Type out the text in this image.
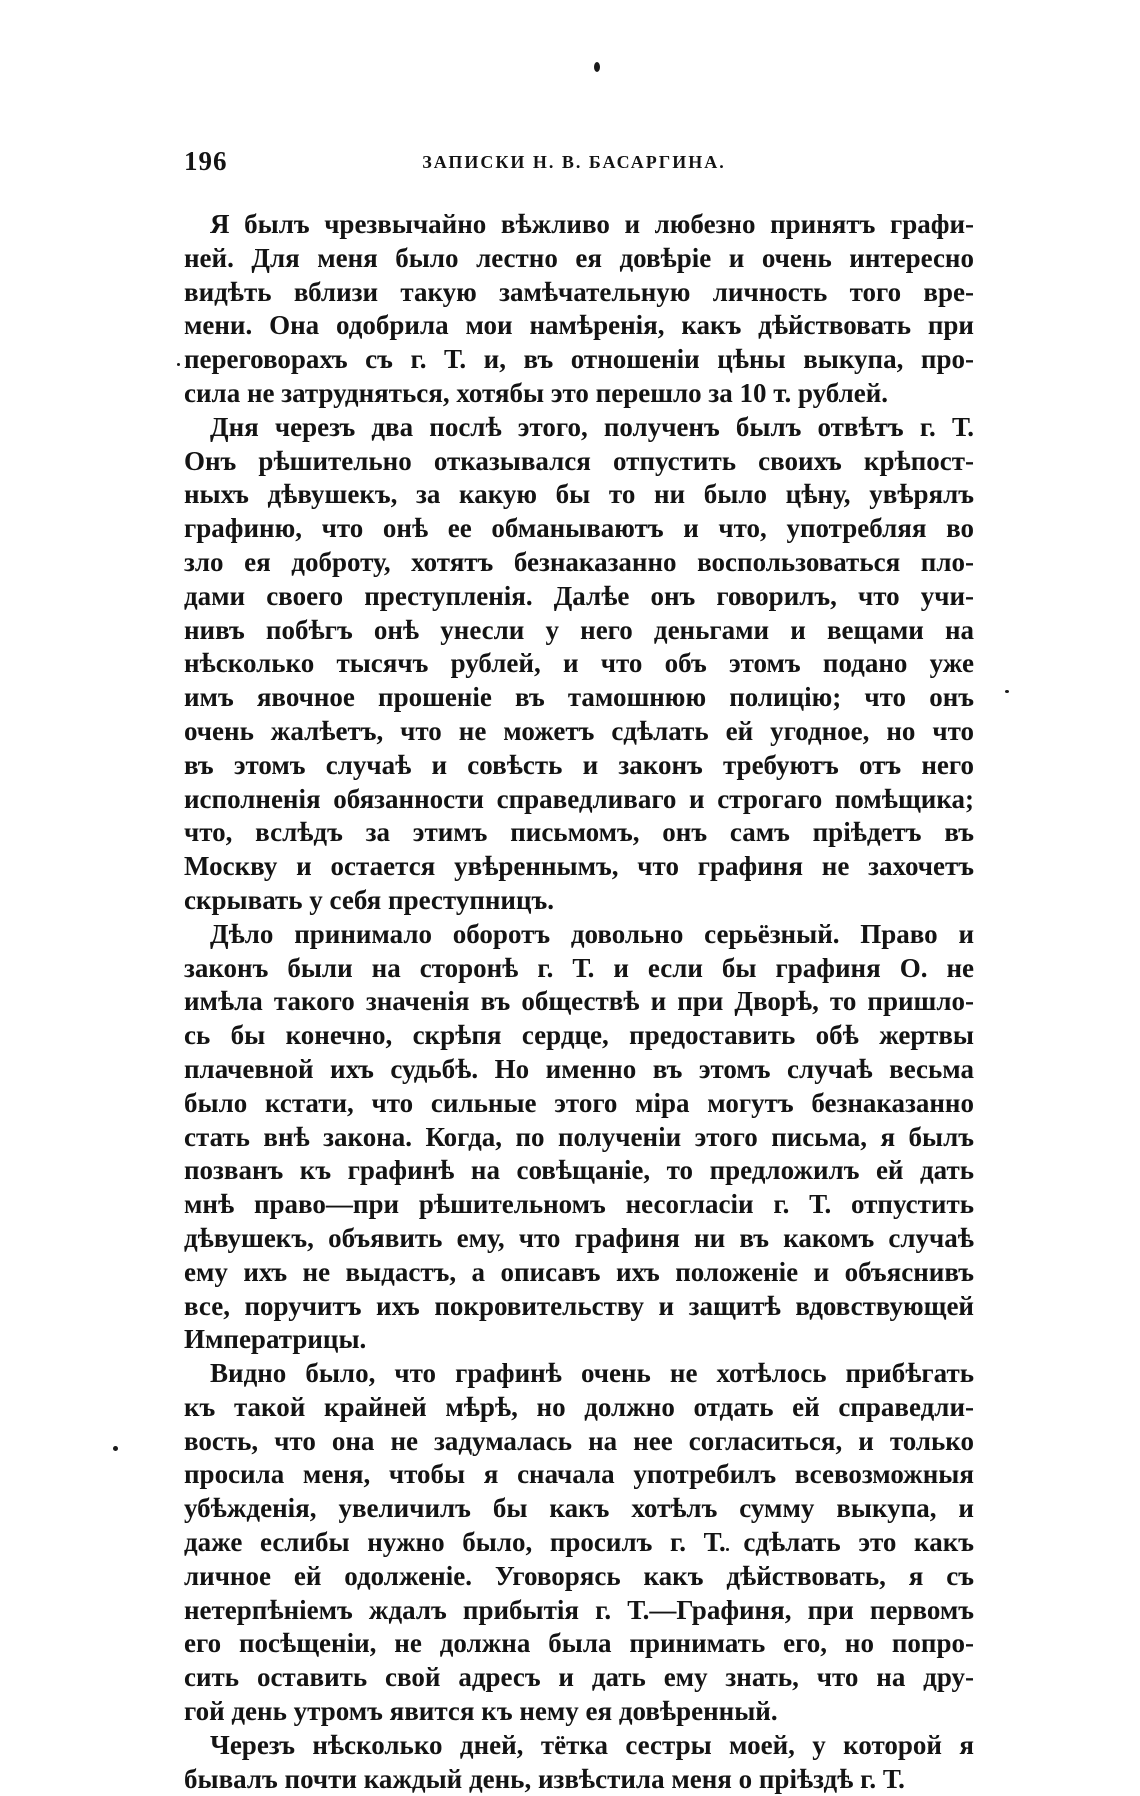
196	ЗАПИСКИ Н. В. БАСАРГИНА.
Я былъ чрезвычайно вѣжливо и любезно принятъ графи-
ней. Для меня было лестно ея довѣріе и очень интересно
видѣть вблизи такую замѣчательную личность того вре-
мени. Она одобрила мои намѣренія, какъ дѣйствовать при
переговорахъ съ г. Т. и, въ отношеніи цѣны выкупа, про-
сила не затрудняться, хотябы это перешло за 10 т. рублей.
Дня черезъ два послѣ этого, полученъ былъ отвѣтъ г. Т.
Онъ рѣшительно отказывался отпустить своихъ крѣпост-
ныхъ дѣвушекъ, за какую бы то ни было цѣну, увѣрялъ
графиню, что онѣ ее обманываютъ и что, употребляя во
зло ея доброту, хотятъ безнаказанно воспользоваться пло-
дами своего преступленія. Далѣе онъ говорилъ, что учи-
нивъ побѣгъ онѣ унесли у него деньгами и вещами на
нѣсколько тысячъ рублей, и что объ этомъ подано уже
имъ явочное прошеніе въ тамошнюю полицію; что онъ
очень жалѣетъ, что не можетъ сдѣлать ей угодное, но что
въ этомъ случаѣ и совѣсть и законъ требуютъ отъ него
исполненія обязанности справедливаго и строгаго помѣщика;
что, вслѣдъ за этимъ письмомъ, онъ самъ пріѣдетъ въ
Москву и остается увѣреннымъ, что графиня не захочетъ
скрывать у себя преступницъ.
Дѣло принимало оборотъ довольно серьёзный. Право и
законъ были на сторонѣ г. Т. и если бы графиня О. не
имѣла такого значенія въ обществѣ и при Дворѣ, то пришло-
сь бы конечно, скрѣпя сердце, предоставить обѣ жертвы
плачевной ихъ судьбѣ. Но именно въ этомъ случаѣ весьма
было кстати, что сильные этого міра могутъ безнаказанно
стать внѣ закона. Когда, по полученіи этого письма, я былъ
позванъ къ графинѣ на совѣщаніе, то предложилъ ей дать
мнѣ право—при рѣшительномъ несогласіи г. Т. отпустить
дѣвушекъ, объявить ему, что графиня ни въ какомъ случаѣ
ему ихъ не выдастъ, а описавъ ихъ положеніе и объяснивъ
все, поручитъ ихъ покровительству и защитѣ вдовствующей
Императрицы.
Видно было, что графинѣ очень не хотѣлось прибѣгать
къ такой крайней мѣрѣ, но должно отдать ей справедли-
вость, что она не задумалась на нее согласиться, и только
просила меня, чтобы я сначала употребилъ всевозможныя
убѣжденія, увеличилъ бы какъ хотѣлъ сумму выкупа, и
даже еслибы нужно было, просилъ г. Т. сдѣлать это какъ
личное ей одолженіе. Уговорясь какъ дѣйствовать, я съ
нетерпѣніемъ ждалъ прибытія г. Т.—Графиня, при первомъ
его посѣщеніи, не должна была принимать его, но попро-
сить оставить свой адресъ и дать ему знать, что на дру-
гой день утромъ явится къ нему ея довѣренный.
Черезъ нѣсколько дней, тётка сестры моей, у которой я
бывалъ почти каждый день, извѣстила меня о пріѣздѣ г. Т.
